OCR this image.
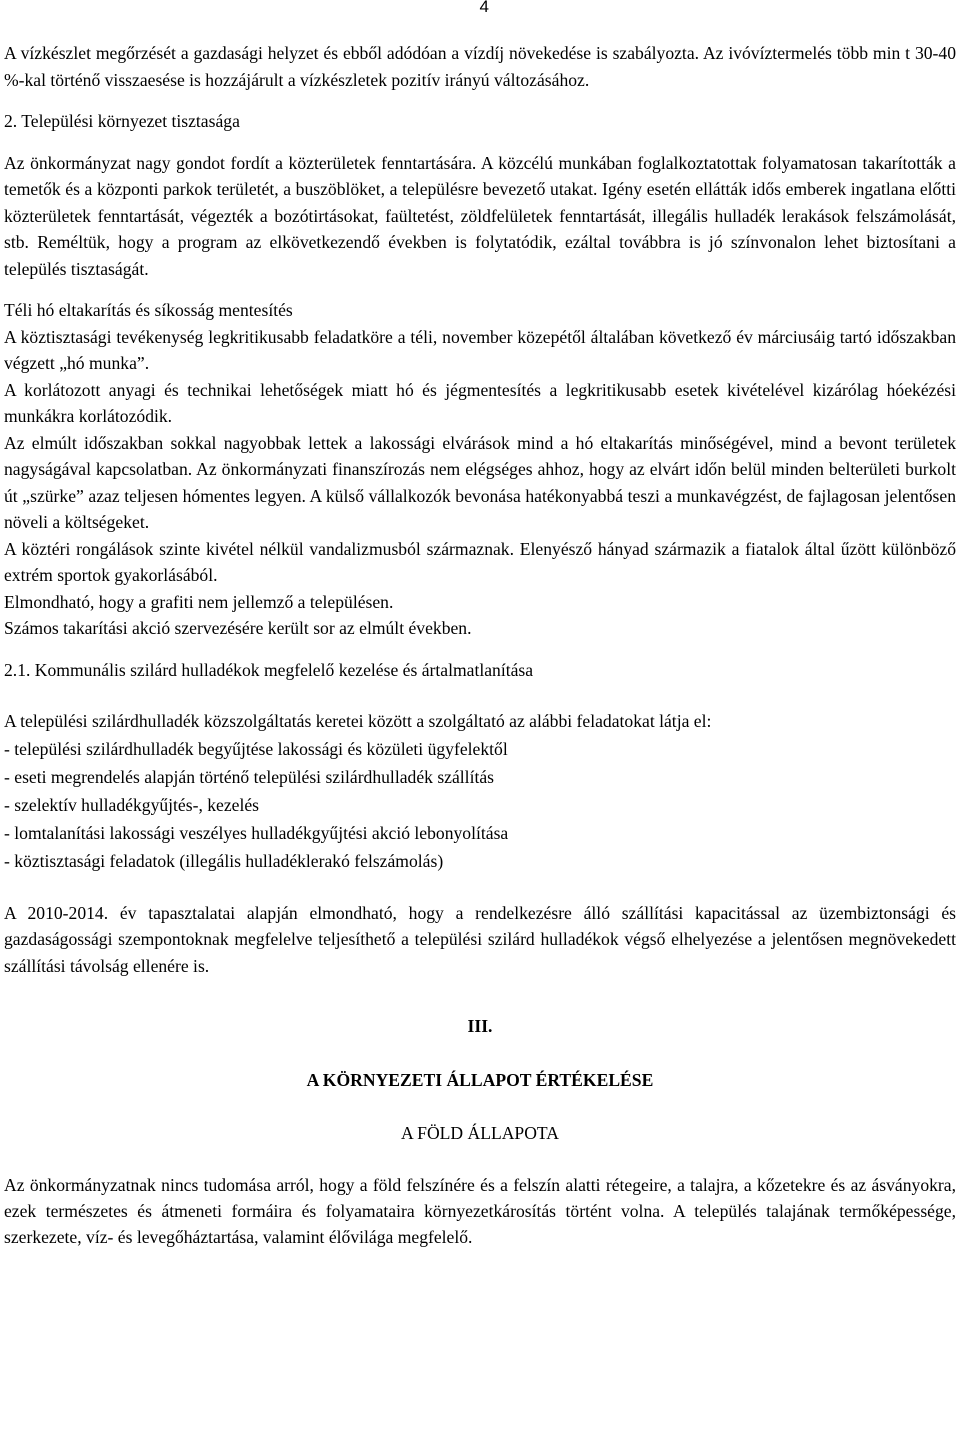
4

A vízkészlet megőrzését a gazdasági helyzet és ebből adódóan a vízdíj növekedése is szabályozta. Az ivóvíztermelés több min t 30-40 %-kal történő visszaesése is hozzájárult a vízkészletek pozitív irányú változásához.

2. Települési környezet tisztasága

Az önkormányzat nagy gondot fordít a közterületek fenntartására. A közcélú munkában foglalkoztatottak folyamatosan takarították a temetők és a központi parkok területét, a buszöblöket, a településre bevezető utakat. Igény esetén ellátták idős emberek ingatlana előtti közterületek fenntartását, végezték a bozótirtásokat, faültetést, zöldfelületek fenntartását, illegális hulladék lerakások felszámolását, stb. Reméltük, hogy a program az elkövetkezendő években is folytatódik, ezáltal továbbra is jó színvonalon lehet biztosítani a település tisztaságát.

Téli hó eltakarítás és síkosság mentesítés

A köztisztasági tevékenység legkritikusabb feladatköre a téli, november közepétől általában következő év márciusáig tartó időszakban végzett „hó munka”.

A korlátozott anyagi és technikai lehetőségek miatt hó és jégmentesítés a legkritikusabb esetek kivételével kizárólag hóekézési munkákra korlátozódik.

Az elmúlt időszakban sokkal nagyobbak lettek a lakossági elvárások mind a hó eltakarítás minőségével, mind a bevont területek nagyságával kapcsolatban. Az önkormányzati finanszírozás nem elégséges ahhoz, hogy az elvárt időn belül minden belterületi burkolt út „szürke” azaz teljesen hómentes legyen. A külső vállalkozók bevonása hatékonyabbá teszi a munkavégzést, de fajlagosan jelentősen növeli a költségeket.

A köztéri rongálások szinte kivétel nélkül vandalizmusból származnak. Elenyésző hányad származik a fiatalok által űzött különböző extrém sportok gyakorlásából.

Elmondható, hogy a grafiti nem jellemző a településen.

Számos takarítási akció szervezésére került sor az elmúlt években.

2.1. Kommunális szilárd hulladékok megfelelő kezelése és ártalmatlanítása

A települési szilárdhulladék közszolgáltatás keretei között a szolgáltató az alábbi feladatokat látja el:

- települési szilárdhulladék begyűjtése lakossági és közületi ügyfelektől
- eseti megrendelés alapján történő települési szilárdhulladék szállítás
- szelektív hulladékgyűjtés-, kezelés
- lomtalanítási lakossági veszélyes hulladékgyűjtési akció lebonyolítása
- köztisztasági feladatok (illegális hulladéklerakó felszámolás)

A 2010-2014. év tapasztalatai alapján elmondható, hogy a rendelkezésre álló szállítási kapacitással az üzembiztonsági és gazdaságossági szempontoknak megfelelve teljesíthető a települési szilárd hulladékok végső elhelyezése a jelentősen megnövekedett szállítási távolság ellenére is.

III.

A KÖRNYEZETI ÁLLAPOT ÉRTÉKELÉSE

A FÖLD ÁLLAPOTA

Az önkormányzatnak nincs tudomása arról, hogy a föld felszínére és a felszín alatti rétegeire, a talajra, a kőzetekre és az ásványokra, ezek természetes és átmeneti formáira és folyamataira környezetkárosítás történt volna. A település talajának termőképessége, szerkezete, víz- és levegőháztartása, valamint élővilága megfelelő.
